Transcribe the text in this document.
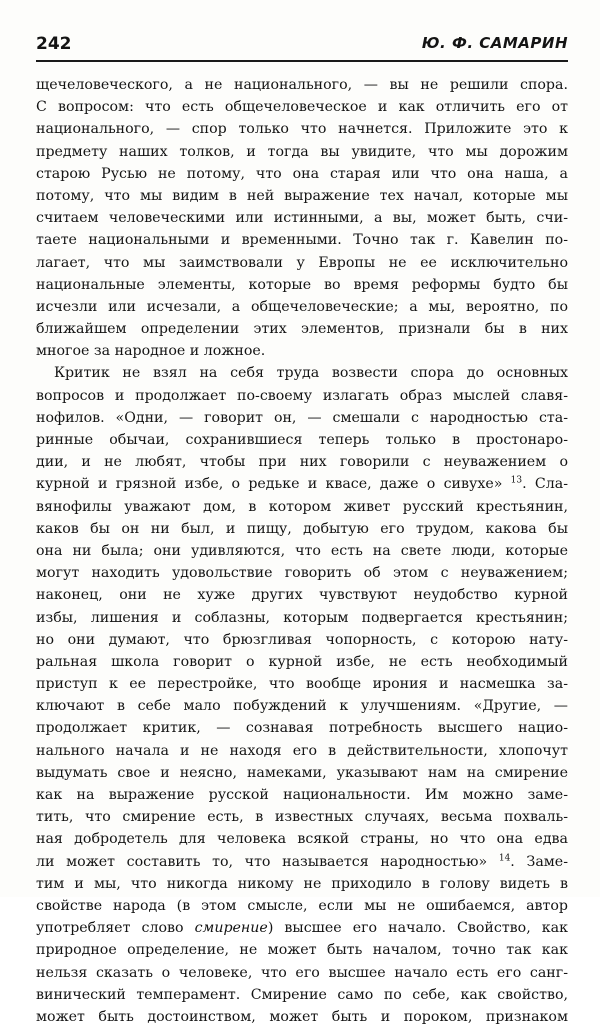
242	Ю. Ф. САМАРИН
щечеловеческого, а не национального, — вы не решили спора.
С вопросом: что есть общечеловеческое и как отличить его от
национального, — спор только что начнется. Приложите это к
предмету наших толков, и тогда вы увидите, что мы дорожим
старою Русью не потому, что она старая или что она наша, а
потому, что мы видим в ней выражение тех начал, которые мы
считаем человеческими или истинными, а вы, может быть, счи-
таете национальными и временными. Точно так г. Кавелин по-
лагает, что мы заимствовали у Европы не ее исключительно
национальные элементы, которые во время реформы будто бы
исчезли или исчезали, а общечеловеческие; а мы, вероятно, по
ближайшем определении этих элементов, признали бы в них
многое за народное и ложное.
Критик не взял на себя труда возвести спора до основных
вопросов и продолжает по-своему излагать образ мыслей славя-
нофилов. «Одни, — говорит он, — смешали с народностью ста-
ринные обычаи, сохранившиеся теперь только в простонаро-
дии, и не любят, чтобы при них говорили с неуважением о
курной и грязной избе, о редьке и квасе, даже о сивухе» $^{13}$. Сла-
вянофилы уважают дом, в котором живет русский крестьянин,
каков бы он ни был, и пищу, добытую его трудом, какова бы
она ни была; они удивляются, что есть на свете люди, которые
могут находить удовольствие говорить об этом с неуважением;
наконец, они не хуже других чувствуют неудобство курной
избы, лишения и соблазны, которым подвергается крестьянин;
но они думают, что брюзгливая чопорность, с которою нату-
ральная школа говорит о курной избе, не есть необходимый
приступ к ее перестройке, что вообще ирония и насмешка за-
ключают в себе мало побуждений к улучшениям. «Другие, —
продолжает критик, — сознавая потребность высшего нацио-
нального начала и не находя его в действительности, хлопочут
выдумать свое и неясно, намеками, указывают нам на смирение
как на выражение русской национальности. Им можно заме-
тить, что смирение есть, в известных случаях, весьма похваль-
ная добродетель для человека всякой страны, но что она едва
ли может составить то, что называется народностью» $^{14}$. Заме-
тим и мы, что никогда никому не приходило в голову видеть в
свойстве народа (в этом смысле, если мы не ошибаемся, автор
употребляет слово смирение) высшее его начало. Свойство, как
природное определение, не может быть началом, точно так как
нельзя сказать о человеке, что его высшее начало есть его санг-
винический темперамент. Смирение само по себе, как свойство,
может быть достоинством, может быть и пороком, признаком
